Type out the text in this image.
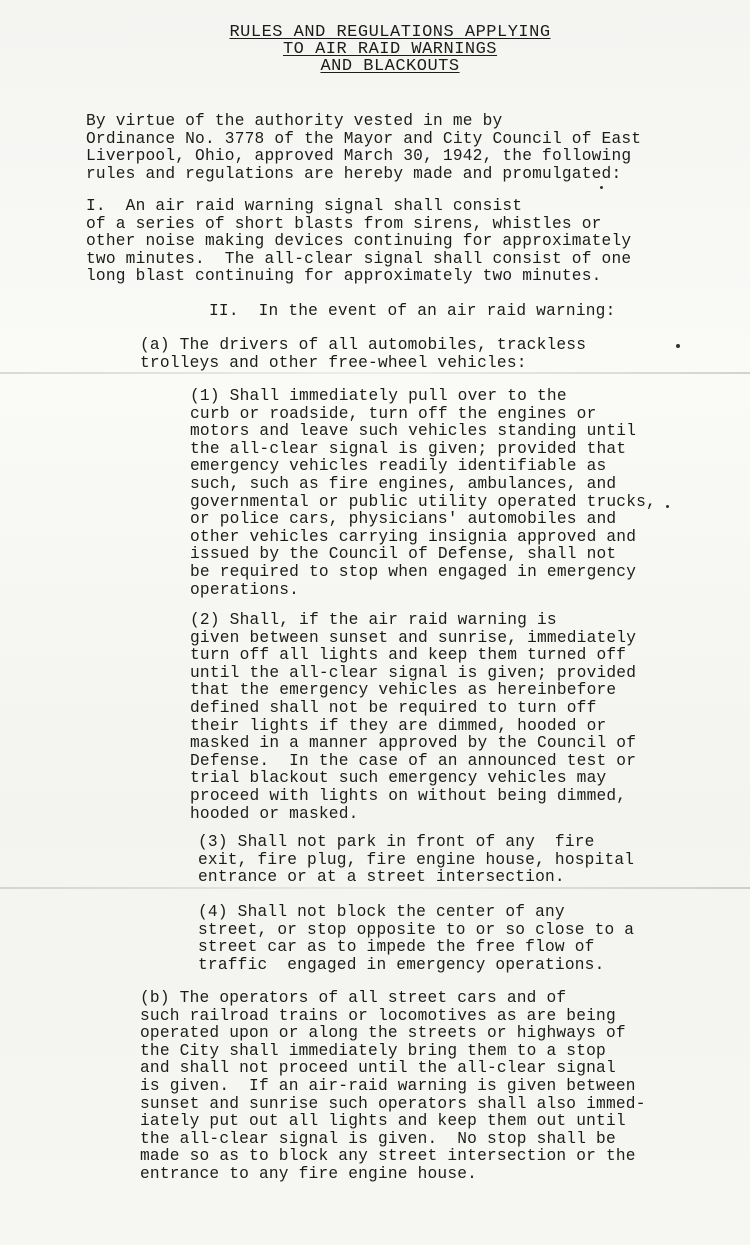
RULES AND REGULATIONS APPLYING
TO AIR RAID WARNINGS
AND BLACKOUTS

By virtue of the authority vested in me by
Ordinance No. 3778 of the Mayor and City Council of East
Liverpool, Ohio, approved March 30, 1942, the following
rules and regulations are hereby made and promulgated:

I.  An air raid warning signal shall consist
of a series of short blasts from sirens, whistles or
other noise making devices continuing for approximately
two minutes.  The all-clear signal shall consist of one
long blast continuing for approximately two minutes.

II.  In the event of an air raid warning:

(a) The drivers of all automobiles, trackless
trolleys and other free-wheel vehicles:

(1) Shall immediately pull over to the
curb or roadside, turn off the engines or
motors and leave such vehicles standing until
the all-clear signal is given; provided that
emergency vehicles readily identifiable as
such, such as fire engines, ambulances, and
governmental or public utility operated trucks,
or police cars, physicians' automobiles and
other vehicles carrying insignia approved and
issued by the Council of Defense, shall not
be required to stop when engaged in emergency
operations.

(2) Shall, if the air raid warning is
given between sunset and sunrise, immediately
turn off all lights and keep them turned off
until the all-clear signal is given; provided
that the emergency vehicles as hereinbefore
defined shall not be required to turn off
their lights if they are dimmed, hooded or
masked in a manner approved by the Council of
Defense.  In the case of an announced test or
trial blackout such emergency vehicles may
proceed with lights on without being dimmed,
hooded or masked.

(3) Shall not park in front of any  fire
exit, fire plug, fire engine house, hospital
entrance or at a street intersection.

(4) Shall not block the center of any
street, or stop opposite to or so close to a
street car as to impede the free flow of
traffic  engaged in emergency operations.

(b) The operators of all street cars and of
such railroad trains or locomotives as are being
operated upon or along the streets or highways of
the City shall immediately bring them to a stop
and shall not proceed until the all-clear signal
is given.  If an air-raid warning is given between
sunset and sunrise such operators shall also immed-
iately put out all lights and keep them out until
the all-clear signal is given.  No stop shall be
made so as to block any street intersection or the
entrance to any fire engine house.
